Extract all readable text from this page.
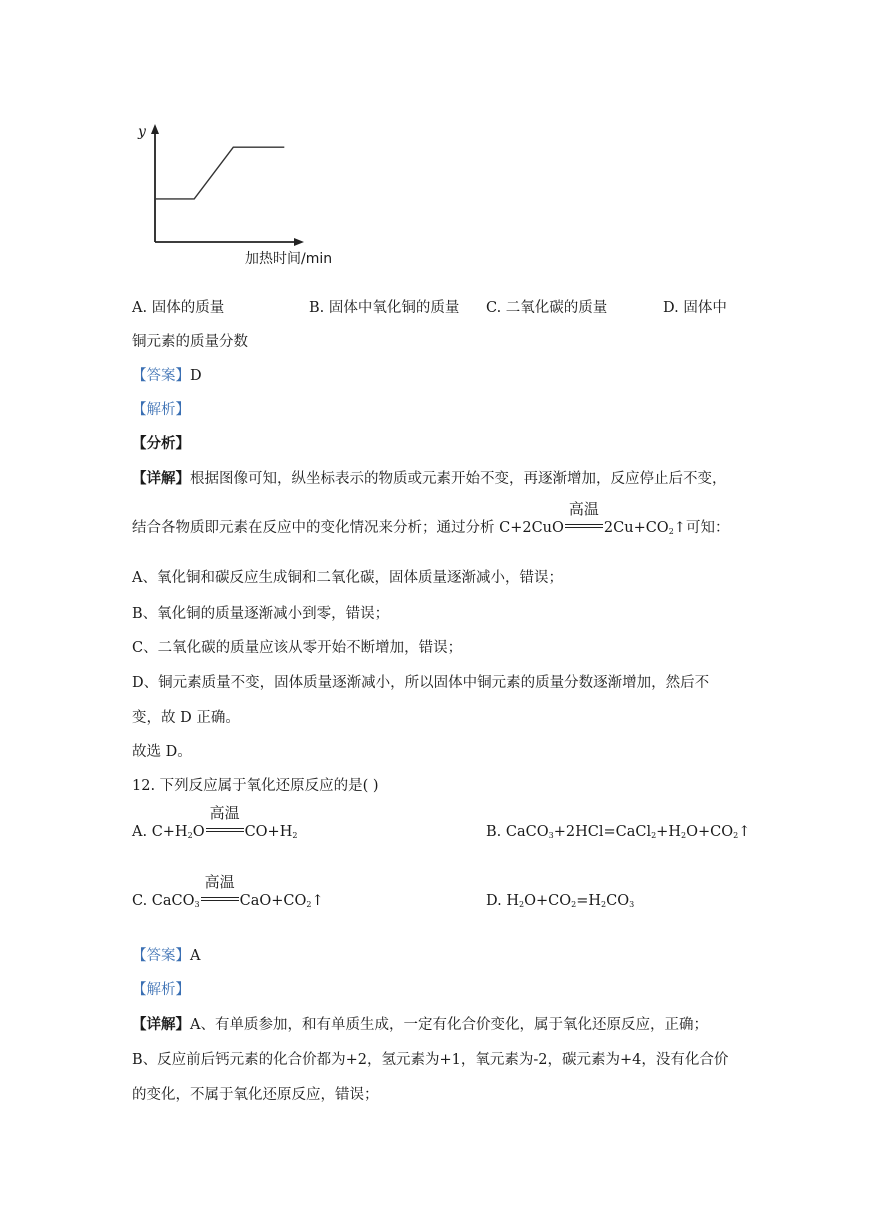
y
加热时间/min
A. 固体的质量	B. 固体中氧化铜的质量 C. 二氧化碳的质量	D. 固体中
铜元素的质量分数
【答案】D
【解析】
【分析】
【详解】根据图像可知，纵坐标表示的物质或元素开始不变，再逐渐增加，反应停止后不变，
结合各物质即元素在反应中的变化情况来分析；通过分析 C+2CuO
高温
$2Cu+CO_2↑$可知：
A、氧化铜和碳反应生成铜和二氧化碳，固体质量逐渐减小，错误；
B、氧化铜的质量逐渐减小到零，错误；
C、二氧化碳的质量应该从零开始不断增加，错误；
D、铜元素质量不变，固体质量逐渐减小，所以固体中铜元素的质量分数逐渐增加，然后不
变，故 D 正确。
故选 D。
12. 下列反应属于氧化还原反应的是( )
A. $C+H_2O$
高温
$CO+H_2$	B. $CaCO_3+2HCl=CaCl_2+H_2O+CO_2↑$
C. CaCO$_3$
高温
$CaO+CO_2↑$	D. $H_2O+CO_2=H_2CO_3$
【答案】A
【解析】
【详解】A、有单质参加，和有单质生成，一定有化合价变化，属于氧化还原反应，正确；
B、反应前后钙元素的化合价都为+2，氢元素为+1，氧元素为-2，碳元素为+4，没有化合价
的变化，不属于氧化还原反应，错误；
